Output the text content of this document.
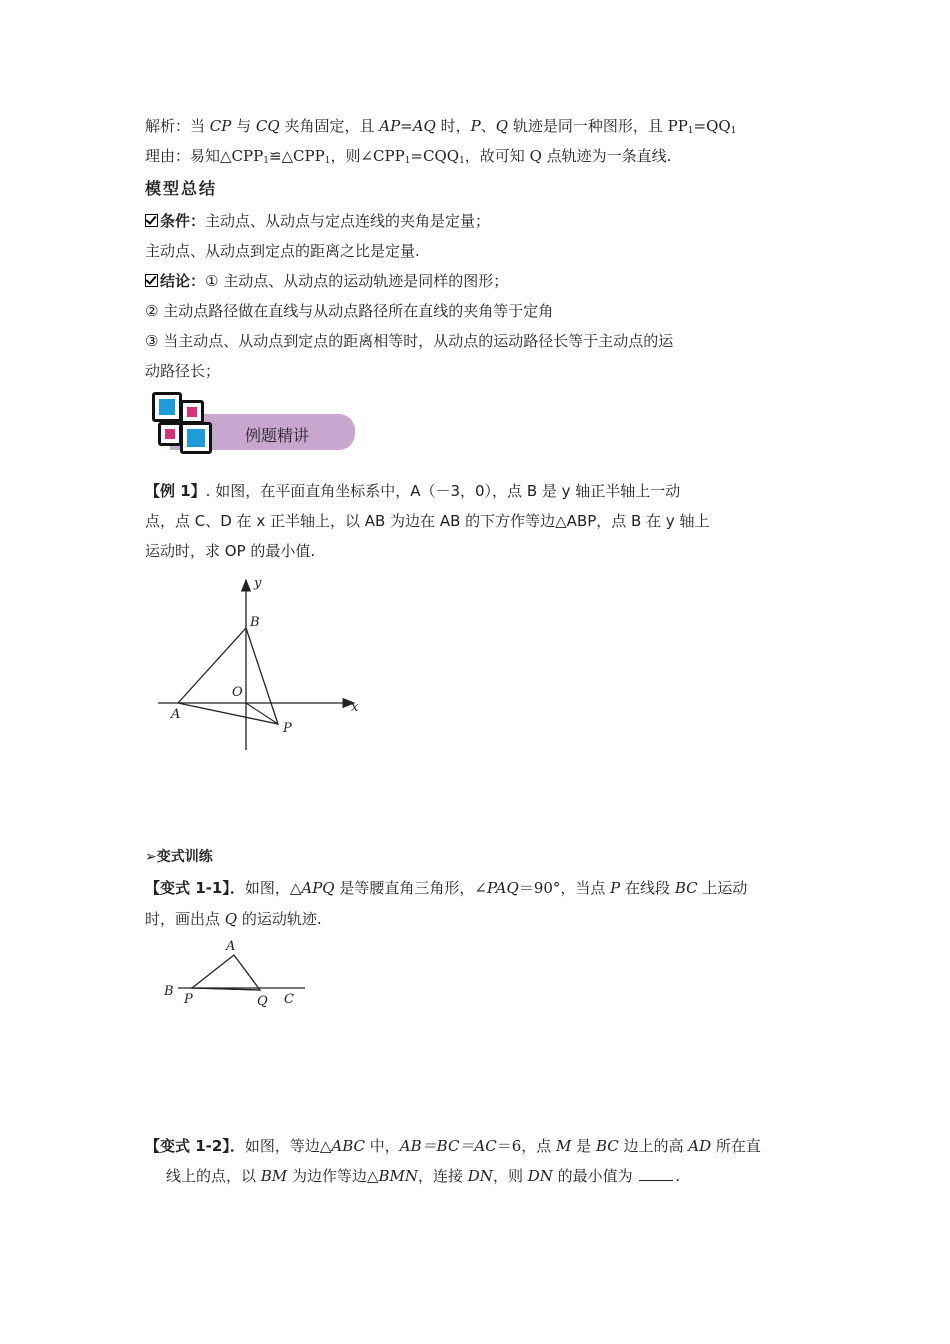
解析：当 CP 与 CQ 夹角固定，且 AP=AQ 时，P、Q 轨迹是同一种图形，且 $PP_1=QQ_1$
理由：易知$\triangle CPP_1≌\triangle CPP_1$，则$\angle CPP_1=CQQ_1$，故可知 Q 点轨迹为一条直线.
模型总结
条件：主动点、从动点与定点连线的夹角是定量；
主动点、从动点到定点的距离之比是定量.
结论：① 主动点、从动点的运动轨迹是同样的图形；
② 主动点路径做在直线与从动点路径所在直线的夹角等于定角
③ 当主动点、从动点到定点的距离相等时，从动点的运动路径长等于主动点的运
动路径长；
例题精讲
【例 1】. 如图，在平面直角坐标系中，A（－3，0），点 B 是 y 轴正半轴上一动
点，点 C、D 在 x 正半轴上，以 AB 为边在 AB 的下方作等边△ABP，点 B 在 y 轴上
运动时，求 OP 的最小值.
y
x
B
O
A
P
➢变式训练
【变式 1-1】．如图，△APQ 是等腰直角三角形，∠PAQ＝90°，当点 P 在线段 BC 上运动
时，画出点 Q 的运动轨迹.
A
B
P	Q C
【变式 1-2】．如图，等边△ABC 中，AB＝BC＝AC＝6，点 M 是 BC 边上的高 AD 所在直
线上的点，以 BM 为边作等边△BMN，连接 DN，则 DN 的最小值为	.
